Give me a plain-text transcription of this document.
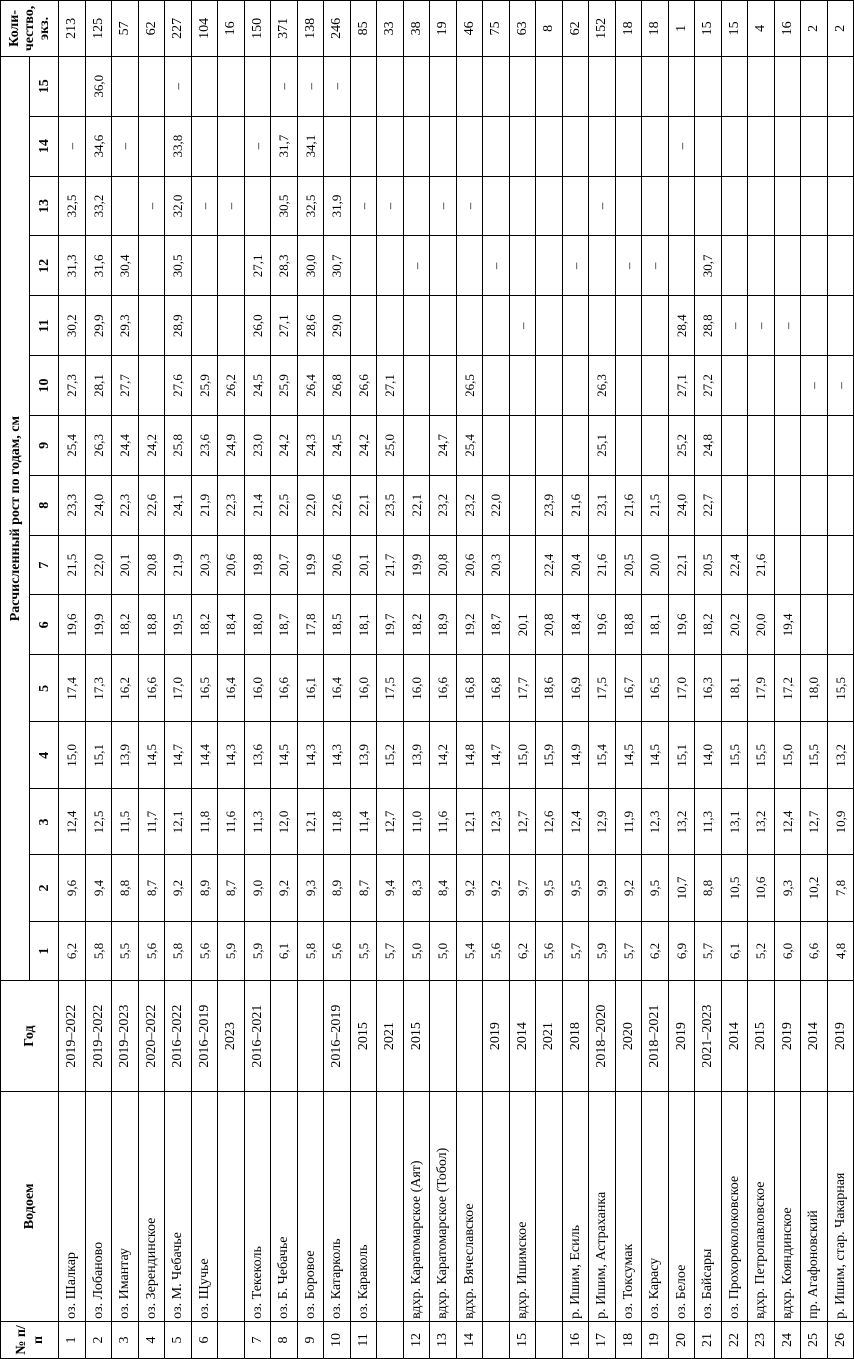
№ п/п	Водоем	Год	Расчисленный рост по годам, см															Коли-чество, экз.
			1	2	3	4	5	6	7	8	9	10	11	12	13	14	15	
1	оз. Шалкар	2019–2022	6,2	9,6	12,4	15,0	17,4	19,6	21,5	23,3	25,4	27,3	30,2	31,3	32,5	–		213
2	оз. Лобаново	2019–2022	5,8	9,4	12,5	15,1	17,3	19,9	22,0	24,0	26,3	28,1	29,9	31,6	33,2	34,6	36,0	125
3	оз. Имантау	2019–2023	5,5	8,8	11,5	13,9	16,2	18,2	20,1	22,3	24,4	27,7	29,3	30,4		–		57
4	оз. Зерендинское	2020–2022	5,6	8,7	11,7	14,5	16,6	18,8	20,8	22,6	24,2				–			62
5	оз. М. Чебачье	2016–2022	5,8	9,2	12,1	14,7	17,0	19,5	21,9	24,1	25,8	27,6	28,9	30,5	32,0	33,8	–	227
6	оз. Щучье	2016–2019	5,6	8,9	11,8	14,4	16,5	18,2	20,3	21,9	23,6	25,9			–			104
		2023	5,9	8,7	11,6	14,3	16,4	18,4	20,6	22,3	24,9	26,2			–			16
7	оз. Текеколь	2016–2021	5,9	9,0	11,3	13,6	16,0	18,0	19,8	21,4	23,0	24,5	26,0	27,1		–		150
8	оз. Б. Чебачье		6,1	9,2	12,0	14,5	16,6	18,7	20,7	22,5	24,2	25,9	27,1	28,3	30,5	31,7	–	371
9	оз. Боровое		5,8	9,3	12,1	14,3	16,1	17,8	19,9	22,0	24,3	26,4	28,6	30,0	32,5	34,1	–	138
10	оз. Катарколь	2016–2019	5,6	8,9	11,8	14,3	16,4	18,5	20,6	22,6	24,5	26,8	29,0	30,7	31,9		–	246
11	оз. Караколь	2015	5,5	8,7	11,4	13,9	16,0	18,1	20,1	22,1	24,2	26,6			–			85
		2021	5,7	9,4	12,7	15,2	17,5	19,7	21,7	23,5	25,0	27,1			–			33
12	вдхр. Каратомарское (Аят)	2015	5,0	8,3	11,0	13,9	16,0	18,2	19,9	22,1				–				38
13	вдхр. Каратомарское (Тобол)		5,0	8,4	11,6	14,2	16,6	18,9	20,8	23,2	24,7				–			19
14	вдхр. Вячеславское		5,4	9,2	12,1	14,8	16,8	19,2	20,6	23,2	25,4	26,5			–			46
		2019	5,6	9,2	12,3	14,7	16,8	18,7	20,3	22,0				–				75
15	вдхр. Ишимское	2014	6,2	9,7	12,7	15,0	17,7	20,1					–					63
		2021	5,6	9,5	12,6	15,9	18,6	20,8	22,4	23,9								8
16	р. Ишим, Есиль	2018	5,7	9,5	12,4	14,9	16,9	18,4	20,4	21,6				–				62
17	р. Ишим, Астраханка	2018–2020	5,9	9,9	12,9	15,4	17,5	19,6	21,6	23,1	25,1	26,3			–			152
18	оз. Токсумак	2020	5,7	9,2	11,9	14,5	16,7	18,8	20,5	21,6				–				18
19	оз. Карасу	2018–2021	6,2	9,5	12,3	14,5	16,5	18,1	20,0	21,5				–				18
20	оз. Белое	2019	6,9	10,7	13,2	15,1	17,0	19,6	22,1	24,0	25,2	27,1	28,4			–		1
21	оз. Байсары	2021–2023	5,7	8,8	11,3	14,0	16,3	18,2	20,5	22,7	24,8	27,2	28,8	30,7				15
22	оз. Прохороколоковское	2014	6,1	10,5	13,1	15,5	18,1	20,2	22,4				–					15
23	вдхр. Петропавловское	2015	5,2	10,6	13,2	15,5	17,9	20,0	21,6				–					4
24	вдхр. Кояндинское	2019	6,0	9,3	12,4	15,0	17,2	19,4					–					16
25	пр. Агафоновский	2014	6,6	10,2	12,7	15,5	18,0					–						2
26	р. Ишим, стар. Чакарная	2019	4,8	7,8	10,9	13,2	15,5					–						2
